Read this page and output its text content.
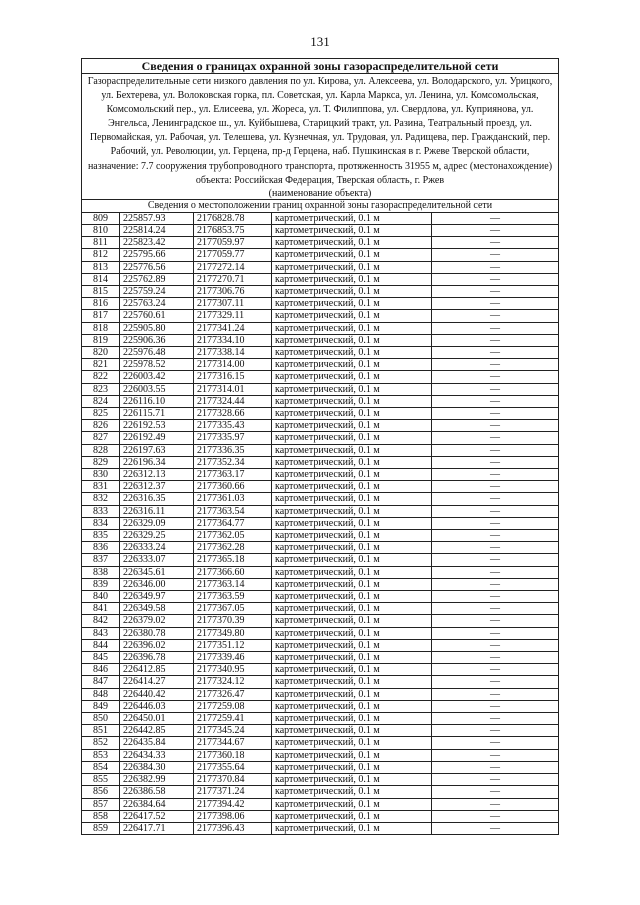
131
Сведения о границах охранной зоны газораспределительной сети				
Газораспределительные сети низкого давления по ул. Кирова, ул. Алексеева, ул. Володарского, ул. Урицкого, ул. Бехтерева, ул. Волоковская горка, пл. Советская, ул. Карла Маркса, ул. Ленина, ул. Комсомольская, Комсомольский пер., ул. Елисеева, ул. Жореса, ул. Т. Филиппова, ул. Свердлова, ул. Куприянова, ул. Энгельса, Ленинградское ш., ул. Куйбышева, Старицкий тракт, ул. Разина, Театральный проезд, ул. Первомайская, ул. Рабочая, ул. Телешева, ул. Кузнечная, ул. Трудовая, ул. Радищева, пер. Гражданский, пер. Рабочий, ул. Революции, ул. Герцена, пр-д Герцена, наб. Пушкинская в г. Ржеве Тверской области, назначение: 7.7 сооружения трубопроводного транспорта, протяженность 31955 м, адрес (местонахождение) объекта: Российская Федерация, Тверская область, г. Ржев				
(наименование объекта)				
Сведения о местоположении границ охранной зоны газораспределительной сети				
809	225857.93	2176828.78	картометрический, 0.1 м	—
810	225814.24	2176853.75	картометрический, 0.1 м	—
811	225823.42	2177059.97	картометрический, 0.1 м	—
812	225795.66	2177059.77	картометрический, 0.1 м	—
813	225776.56	2177272.14	картометрический, 0.1 м	—
814	225762.89	2177270.71	картометрический, 0.1 м	—
815	225759.24	2177306.76	картометрический, 0.1 м	—
816	225763.24	2177307.11	картометрический, 0.1 м	—
817	225760.61	2177329.11	картометрический, 0.1 м	—
818	225905.80	2177341.24	картометрический, 0.1 м	—
819	225906.36	2177334.10	картометрический, 0.1 м	—
820	225976.48	2177338.14	картометрический, 0.1 м	—
821	225978.52	2177314.00	картометрический, 0.1 м	—
822	226003.42	2177316.15	картометрический, 0.1 м	—
823	226003.55	2177314.01	картометрический, 0.1 м	—
824	226116.10	2177324.44	картометрический, 0.1 м	—
825	226115.71	2177328.66	картометрический, 0.1 м	—
826	226192.53	2177335.43	картометрический, 0.1 м	—
827	226192.49	2177335.97	картометрический, 0.1 м	—
828	226197.63	2177336.35	картометрический, 0.1 м	—
829	226196.34	2177352.34	картометрический, 0.1 м	—
830	226312.13	2177363.17	картометрический, 0.1 м	—
831	226312.37	2177360.66	картометрический, 0.1 м	—
832	226316.35	2177361.03	картометрический, 0.1 м	—
833	226316.11	2177363.54	картометрический, 0.1 м	—
834	226329.09	2177364.77	картометрический, 0.1 м	—
835	226329.25	2177362.05	картометрический, 0.1 м	—
836	226333.24	2177362.28	картометрический, 0.1 м	—
837	226333.07	2177365.18	картометрический, 0.1 м	—
838	226345.61	2177366.60	картометрический, 0.1 м	—
839	226346.00	2177363.14	картометрический, 0.1 м	—
840	226349.97	2177363.59	картометрический, 0.1 м	—
841	226349.58	2177367.05	картометрический, 0.1 м	—
842	226379.02	2177370.39	картометрический, 0.1 м	—
843	226380.78	2177349.80	картометрический, 0.1 м	—
844	226396.02	2177351.12	картометрический, 0.1 м	—
845	226396.78	2177339.46	картометрический, 0.1 м	—
846	226412.85	2177340.95	картометрический, 0.1 м	—
847	226414.27	2177324.12	картометрический, 0.1 м	—
848	226440.42	2177326.47	картометрический, 0.1 м	—
849	226446.03	2177259.08	картометрический, 0.1 м	—
850	226450.01	2177259.41	картометрический, 0.1 м	—
851	226442.85	2177345.24	картометрический, 0.1 м	—
852	226435.84	2177344.67	картометрический, 0.1 м	—
853	226434.33	2177360.18	картометрический, 0.1 м	—
854	226384.30	2177355.64	картометрический, 0.1 м	—
855	226382.99	2177370.84	картометрический, 0.1 м	—
856	226386.58	2177371.24	картометрический, 0.1 м	—
857	226384.64	2177394.42	картометрический, 0.1 м	—
858	226417.52	2177398.06	картометрический, 0.1 м	—
859	226417.71	2177396.43	картометрический, 0.1 м	—
